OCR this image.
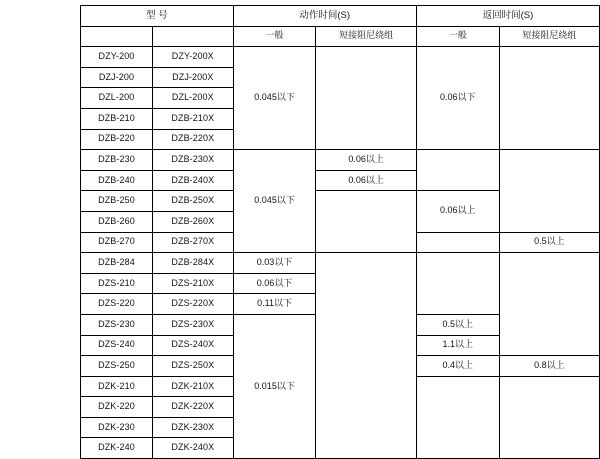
型 号		动作时间(S)		返回时间(S)	
		一般	短接阻尼绕组	一般	短接阻尼绕组
DZY-200	DZY-200X	0.045以下		0.06以下	
DZJ-200	DZJ-200X				
DZL-200	DZL-200X				
DZB-210	DZB-210X				
DZB-220	DZB-220X				
DZB-230	DZB-230X	0.045以下	0.06以上		
DZB-240	DZB-240X		0.06以上		
DZB-250	DZB-250X			0.06以上	
DZB-260	DZB-260X				
DZB-270	DZB-270X				0.5以上
DZB-284	DZB-284X	0.03以下			
DZS-210	DZS-210X	0.06以下			
DZS-220	DZS-220X	0.11以下			
DZS-230	DZS-230X	0.015以下		0.5以上	
DZS-240	DZS-240X			1.1以上	
DZS-250	DZS-250X			0.4以上	0.8以上
DZK-210	DZK-210X				
DZK-220	DZK-220X				
DZK-230	DZK-230X				
DZK-240	DZK-240X				
